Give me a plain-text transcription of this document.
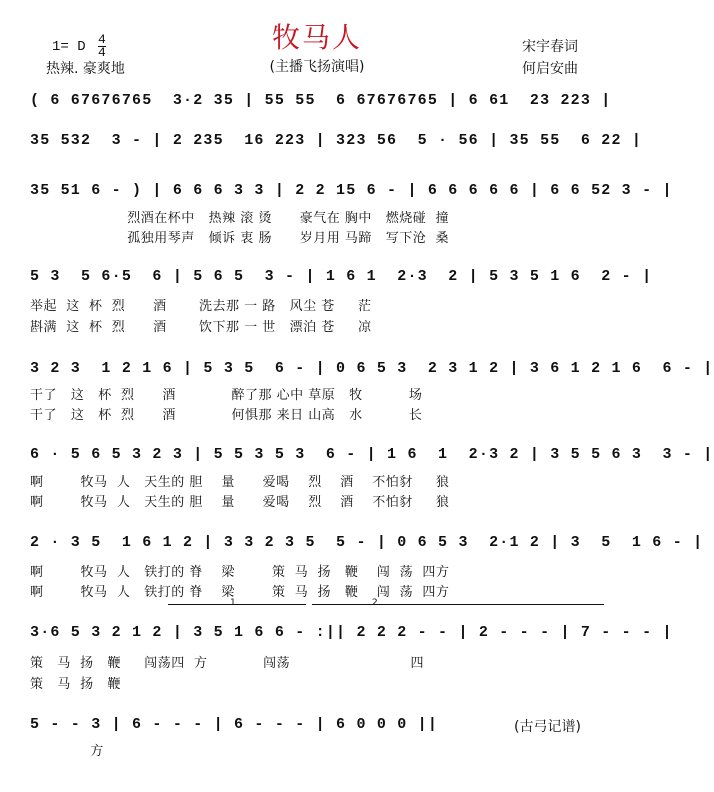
牧马人
1= D $\frac{4}{4}$
热辣. 豪爽地	(主播飞扬演唱)
宋宇春词
何启安曲
( 6 67676765  3·2 35 | 55 55  6 67676765 | 6 61  23 223 |
35 532  3 - | 2 235  16 223 | 323 56  5 · 56 | 35 55  6 22 |
35 51 6 - ) | 6 6 6 3 3 | 2 2 15 6 - | 6 6 6 6 6 | 6 6 52 3 - |
烈酒在杯中   热辣 滚 烫      豪气在 胸中   燃烧碰  撞
孤独用琴声   倾诉 衷 肠      岁月用 马蹄   写下沧  桑
5 3  5 6·5  6 | 5 6 5  3 - | 1 6 1  2·3  2 | 5 3 5 1 6  2 - |
举起  这  杯  烈      酒       洗去那 一 路   风尘 苍     茫
斟满  这  杯  烈      酒       饮下那 一 世   漂泊 苍     凉
3 2 3  1 2 1 6 | 5 3 5  6 - | 0 6 5 3  2 3 1 2 | 3 6 1 2 1 6  6 - |
干了   这   杯  烈      酒            醉了那 心中 草原   牧          场
干了   这   杯  烈      酒            何惧那 来日 山高   水          长
6 · 5 6 5 3 2 3 | 5 5 3 5 3  6 - | 1 6  1  2·3 2 | 3 5 5 6 3  3 - |
啊        牧马  人   天生的 胆    量      爱喝    烈    酒    不怕豺     狼
啊        牧马  人   天生的 胆    量      爱喝    烈    酒    不怕豺     狼
2 · 3 5  1 6 1 2 | 3 3 2 3 5  5 - | 0 6 5 3  2·1 2 | 3  5  1 6 - |
啊        牧马  人   铁打的 脊    梁        策  马  扬   鞭    闯  荡  四方
啊        牧马  人   铁打的 脊    梁        策  马  扬   鞭    闯  荡  四方
1	2
3·6 5 3 2 1 2 | 3 5 1 6 6 - :|| 2 2 2 - - | 2 - - - | 7 - - - |
策   马  扬   鞭     闯荡四  方            闯荡                          四
策   马  扬   鞭
5 - - 3 | 6 - - - | 6 - - - | 6 0 0 0 ||
方
(古弓记谱)
